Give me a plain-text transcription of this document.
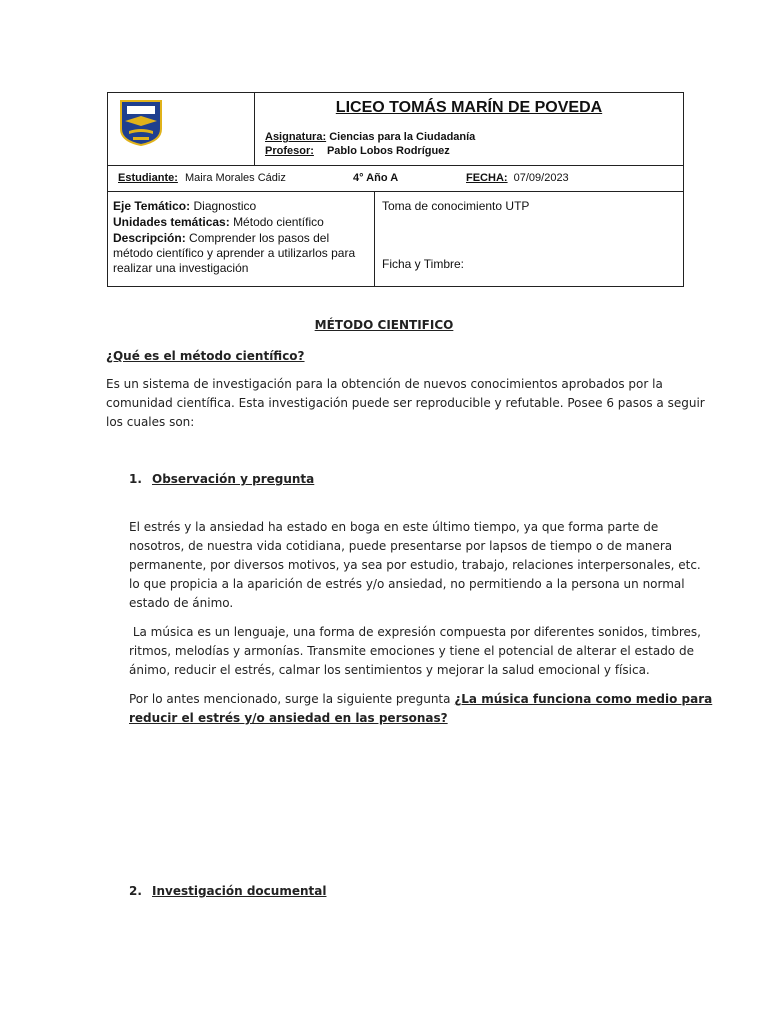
LICEO TOMÁS MARÍN DE POVEDA
Asignatura: Ciencias para la Ciudadanía
Profesor: Pablo Lobos Rodríguez
Estudiante: Maira Morales Cádiz	4° Año A	FECHA: 07/09/2023
Eje Temático: Diagnostico
Unidades temáticas: Método científico
Descripción: Comprender los pasos del
método científico y aprender a utilizarlos para
realizar una investigación
Toma de conocimiento UTP
Ficha y Timbre:
MÉTODO CIENTIFICO
¿Qué es el método científico?
Es un sistema de investigación para la obtención de nuevos conocimientos aprobados por la
comunidad científica. Esta investigación puede ser reproducible y refutable. Posee 6 pasos a seguir
los cuales son:
1. Observación y pregunta
El estrés y la ansiedad ha estado en boga en este último tiempo, ya que forma parte de
nosotros, de nuestra vida cotidiana, puede presentarse por lapsos de tiempo o de manera
permanente, por diversos motivos, ya sea por estudio, trabajo, relaciones interpersonales, etc.
lo que propicia a la aparición de estrés y/o ansiedad, no permitiendo a la persona un normal
estado de ánimo.
La música es un lenguaje, una forma de expresión compuesta por diferentes sonidos, timbres,
ritmos, melodías y armonías. Transmite emociones y tiene el potencial de alterar el estado de
ánimo, reducir el estrés, calmar los sentimientos y mejorar la salud emocional y física.
Por lo antes mencionado, surge la siguiente pregunta ¿La música funciona como medio para
reducir el estrés y/o ansiedad en las personas?
2. Investigación documental
